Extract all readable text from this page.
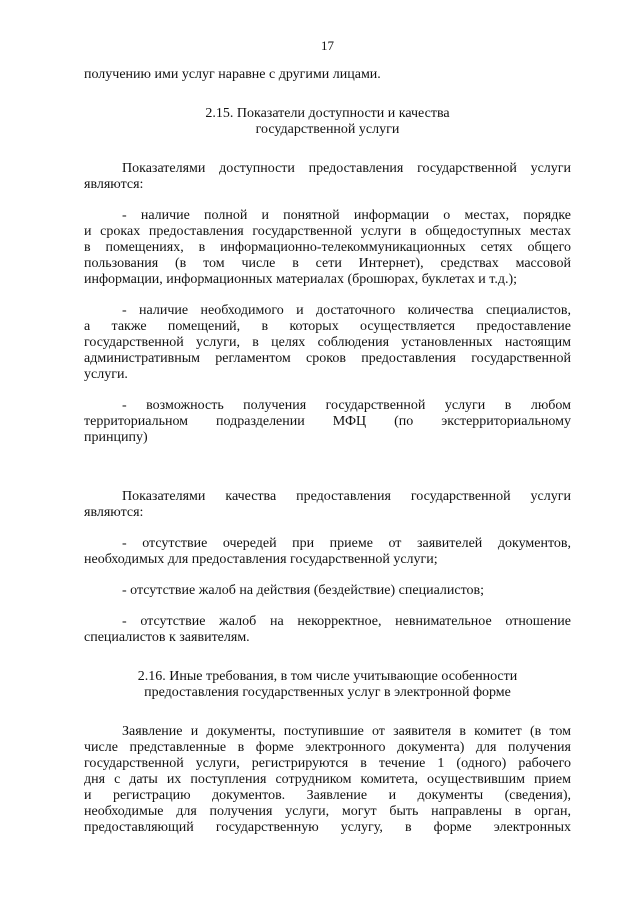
17
получению ими услуг наравне с другими лицами.
2.15. Показатели доступности и качества
государственной услуги
Показателями доступности предоставления государственной услуги
являются:
- наличие полной и понятной информации о местах, порядке
и сроках предоставления государственной услуги в общедоступных местах
в помещениях, в информационно-телекоммуникационных сетях общего
пользования (в том числе в сети Интернет), средствах массовой
информации, информационных материалах (брошюрах, буклетах и т.д.);
- наличие необходимого и достаточного количества специалистов,
а также помещений, в которых осуществляется предоставление
государственной услуги, в целях соблюдения установленных настоящим
административным регламентом сроков предоставления государственной
услуги.
- возможность получения государственной услуги в любом
территориальном подразделении МФЦ (по экстерриториальному
принципу)
Показателями качества предоставления государственной услуги
являются:
- отсутствие очередей при приеме от заявителей документов,
необходимых для предоставления государственной услуги;
- отсутствие жалоб на действия (бездействие) специалистов;
- отсутствие жалоб на некорректное, невнимательное отношение
специалистов к заявителям.
2.16. Иные требования, в том числе учитывающие особенности
предоставления государственных услуг в электронной форме
Заявление и документы, поступившие от заявителя в комитет (в том
числе представленные в форме электронного документа) для получения
государственной услуги, регистрируются в течение 1 (одного) рабочего
дня с даты их поступления сотрудником комитета, осуществившим прием
и регистрацию документов. Заявление и документы (сведения),
необходимые для получения услуги, могут быть направлены в орган,
предоставляющий государственную услугу, в форме электронных
